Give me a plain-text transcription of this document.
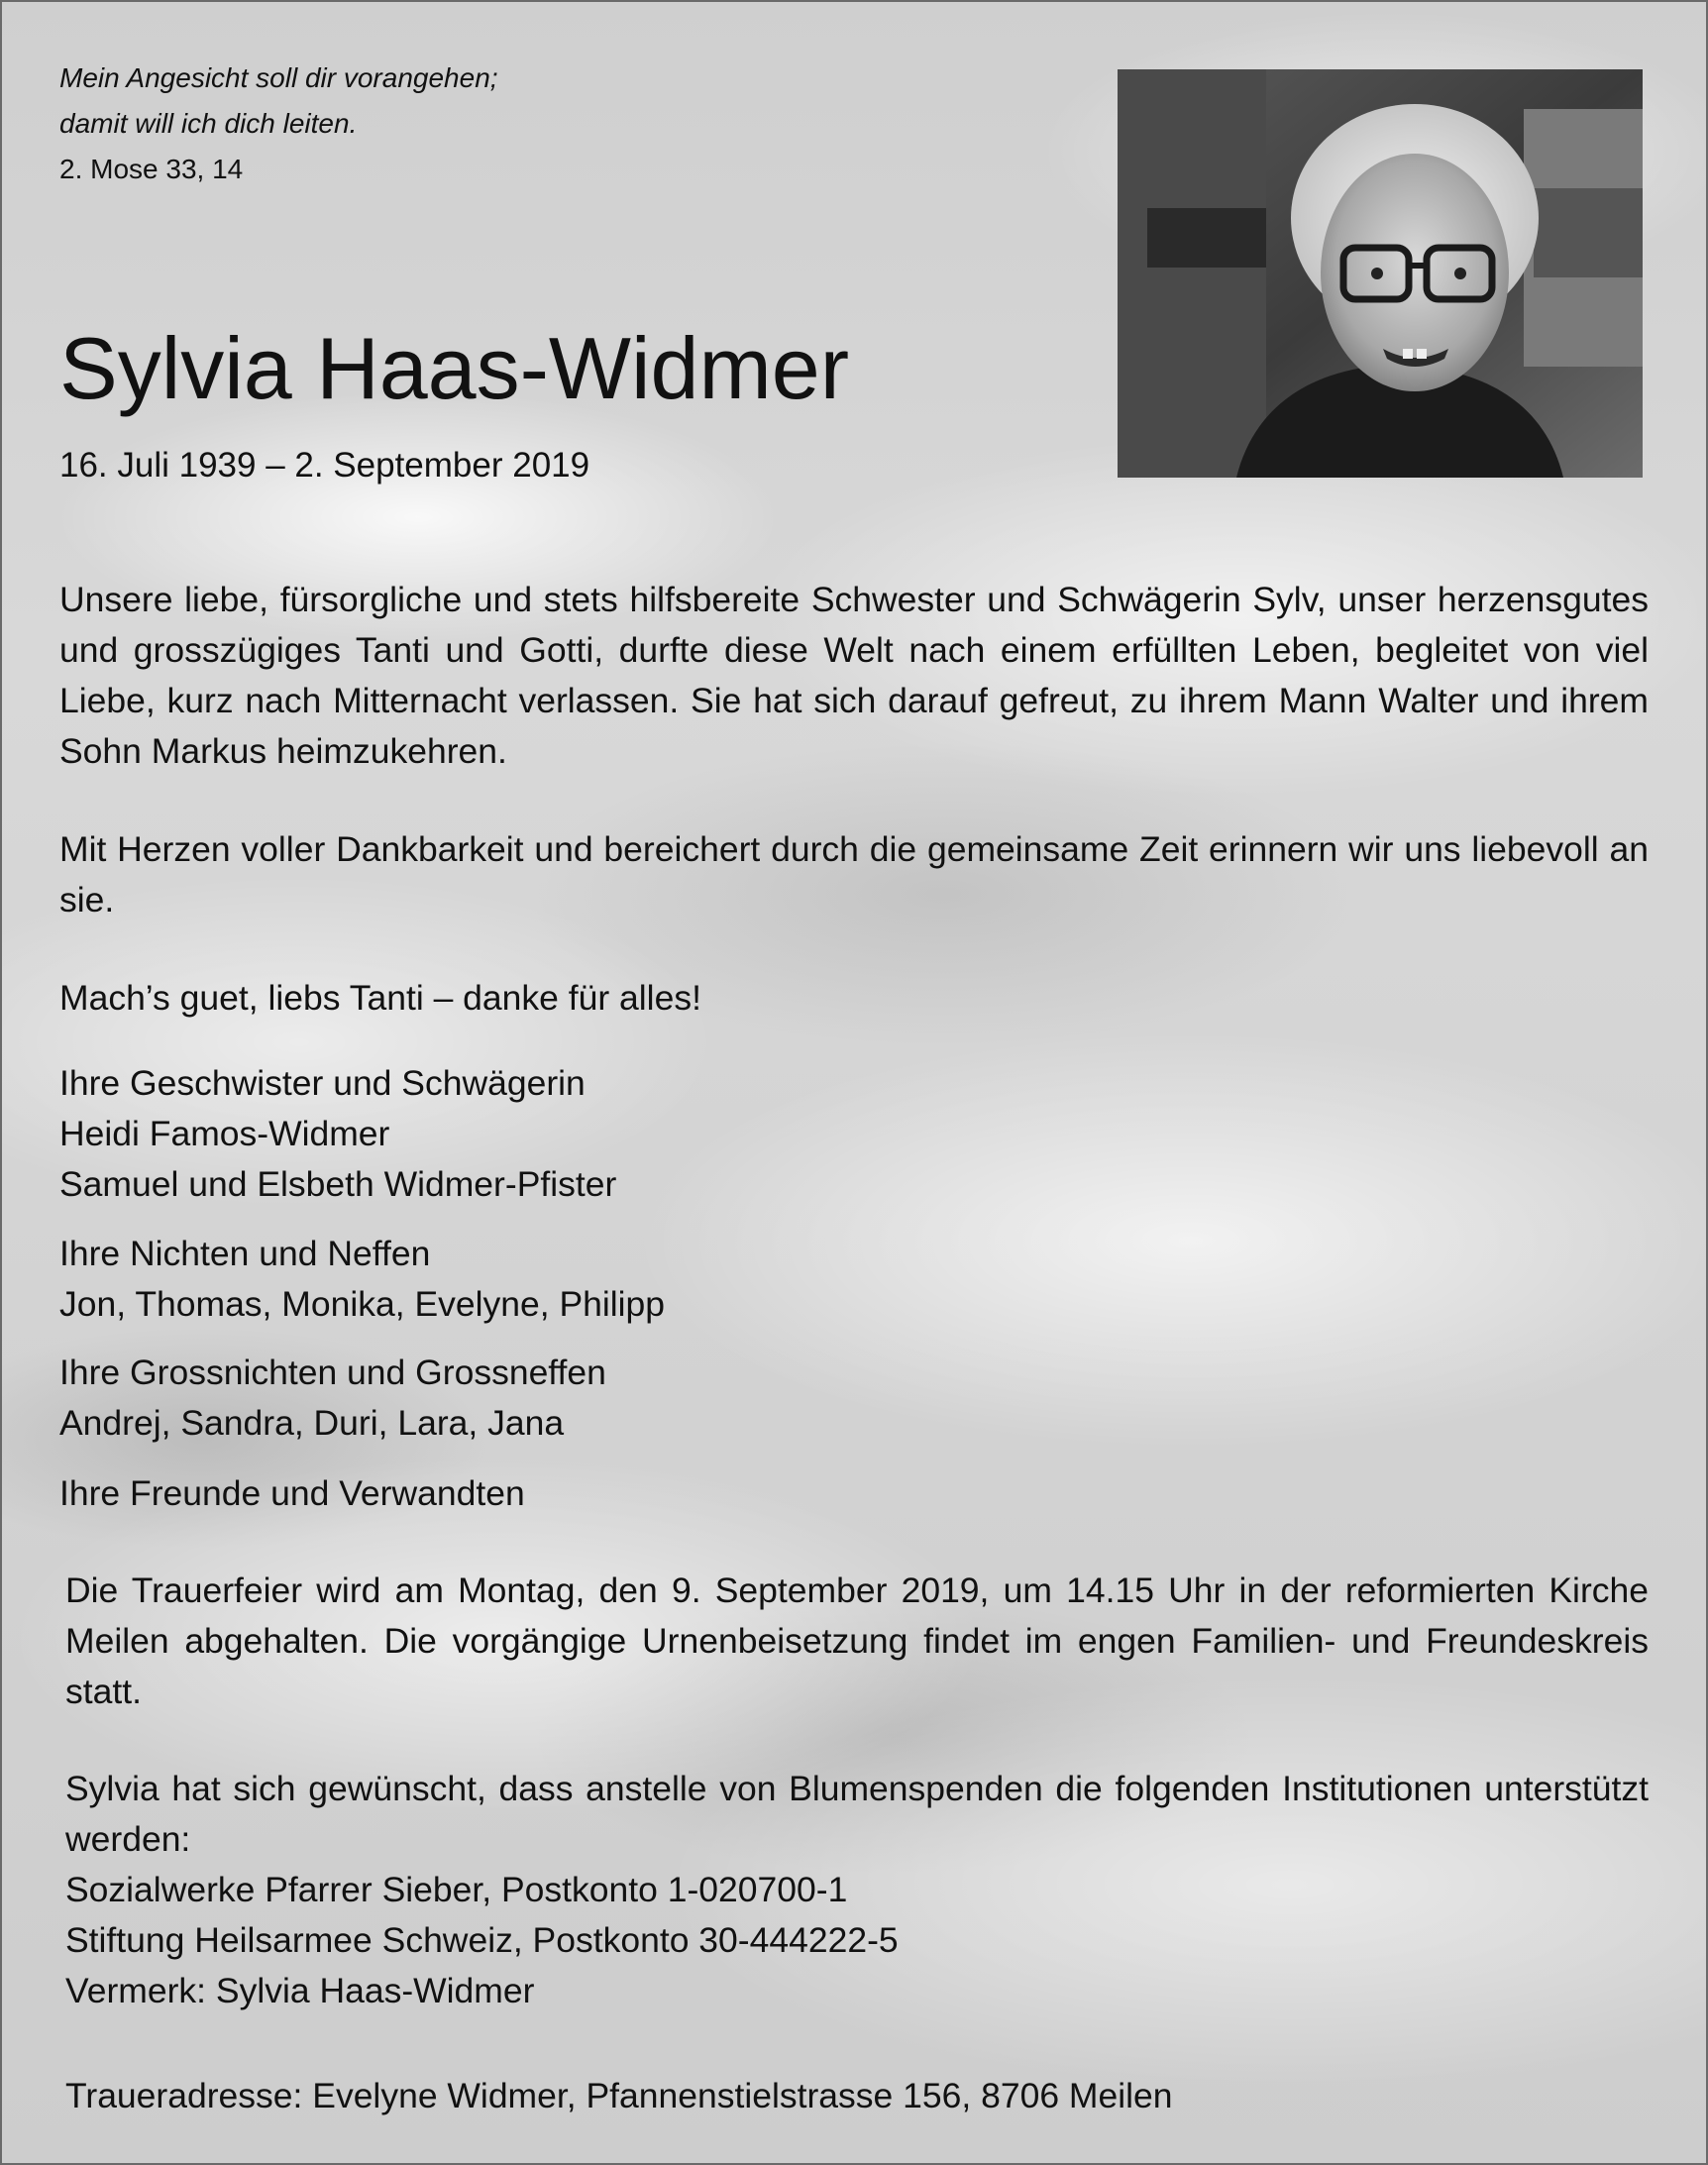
Mein Angesicht soll dir vorangehen;
damit will ich dich leiten.
2. Mose 33, 14
Sylvia Haas-Widmer
16. Juli 1939 – 2. September 2019
Unsere liebe, fürsorgliche und stets hilfsbereite Schwester und Schwägerin Sylv, unser herzensgutes und grosszügiges Tanti und Gotti, durfte diese Welt nach einem erfüllten Leben, begleitet von viel Liebe, kurz nach Mitternacht verlassen. Sie hat sich darauf gefreut, zu ihrem Mann Walter und ihrem Sohn Markus heimzukehren.
Mit Herzen voller Dankbarkeit und bereichert durch die gemeinsame Zeit erinnern wir uns liebevoll an sie.
Mach’s guet, liebs Tanti – danke für alles!
Ihre Geschwister und Schwägerin
Heidi Famos-Widmer
Samuel und Elsbeth Widmer-Pfister
Ihre Nichten und Neffen
Jon, Thomas, Monika, Evelyne, Philipp
Ihre Grossnichten und Grossneffen
Andrej, Sandra, Duri, Lara, Jana
Ihre Freunde und Verwandten
Die Trauerfeier wird am Montag, den 9. September 2019, um 14.15 Uhr in der reformierten Kirche Meilen abgehalten. Die vorgängige Urnenbeisetzung findet im engen Familien- und Freundeskreis statt.
Sylvia hat sich gewünscht, dass anstelle von Blumenspenden die folgenden Institutionen unterstützt werden:
Sozialwerke Pfarrer Sieber, Postkonto 1-020700-1
Stiftung Heilsarmee Schweiz, Postkonto 30-444222-5
Vermerk: Sylvia Haas-Widmer
Traueradresse: Evelyne Widmer, Pfannenstielstrasse 156, 8706 Meilen
